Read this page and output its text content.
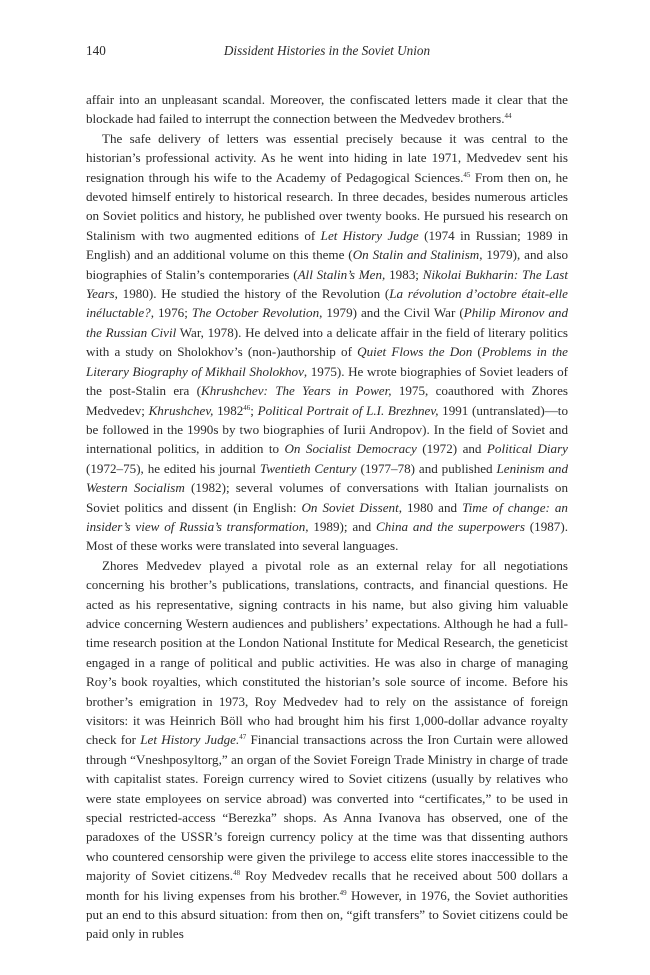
140	Dissident Histories in the Soviet Union

affair into an unpleasant scandal. Moreover, the confiscated letters made it clear that the blockade had failed to interrupt the connection between the Medvedev brothers.$^{44}$

The safe delivery of letters was essential precisely because it was central to the historian’s professional activity. As he went into hiding in late 1971, Medvedev sent his resignation through his wife to the Academy of Pedagogical Sciences.$^{45}$ From then on, he devoted himself entirely to historical research. In three decades, besides numerous articles on Soviet politics and history, he published over twenty books. He pursued his research on Stalinism with two augmented editions of Let History Judge (1974 in Russian; 1989 in English) and an additional volume on this theme (On Stalin and Stalinism, 1979), and also biographies of Stalin’s contemporaries (All Stalin’s Men, 1983; Nikolai Bukharin: The Last Years, 1980). He studied the history of the Revolution (La révolution d’octobre était-elle inéluctable?, 1976; The October Revolution, 1979) and the Civil War (Philip Mironov and the Russian Civil War, 1978). He delved into a delicate affair in the field of literary politics with a study on Sholokhov’s (non-)authorship of Quiet Flows the Don (Problems in the Literary Biography of Mikhail Sholokhov, 1975). He wrote biographies of Soviet leaders of the post-Stalin era (Khrushchev: The Years in Power, 1975, coauthored with Zhores Medvedev; Khrushchev, 1982$^{46}$; Political Portrait of L.I. Brezhnev, 1991 (untranslated)—to be followed in the 1990s by two biographies of Iurii Andropov). In the field of Soviet and international politics, in addition to On Socialist Democracy (1972) and Political Diary (1972–75), he edited his journal Twentieth Century (1977–78) and published Leninism and Western Socialism (1982); several volumes of conversations with Italian journalists on Soviet politics and dissent (in English: On Soviet Dissent, 1980 and Time of change: an insider’s view of Russia’s transformation, 1989); and China and the superpowers (1987). Most of these works were translated into several languages.

Zhores Medvedev played a pivotal role as an external relay for all negotiations concerning his brother’s publications, translations, contracts, and financial questions. He acted as his representative, signing contracts in his name, but also giving him valuable advice concerning Western audiences and publishers’ expectations. Although he had a full-time research position at the London National Institute for Medical Research, the geneticist engaged in a range of political and public activities. He was also in charge of managing Roy’s book royalties, which constituted the historian’s sole source of income. Before his brother’s emigration in 1973, Roy Medvedev had to rely on the assistance of foreign visitors: it was Heinrich Böll who had brought him his first 1,000-dollar advance royalty check for Let History Judge.$^{47}$ Financial transactions across the Iron Curtain were allowed through “Vneshposyltorg,” an organ of the Soviet Foreign Trade Ministry in charge of trade with capitalist states. Foreign currency wired to Soviet citizens (usually by relatives who were state employees on service abroad) was converted into “certificates,” to be used in special restricted-access “Berezka” shops. As Anna Ivanova has observed, one of the paradoxes of the USSR’s foreign currency policy at the time was that dissenting authors who countered censorship were given the privilege to access elite stores inaccessible to the majority of Soviet citizens.$^{48}$ Roy Medvedev recalls that he received about 500 dollars a month for his living expenses from his brother.$^{49}$ However, in 1976, the Soviet authorities put an end to this absurd situation: from then on, “gift transfers” to Soviet citizens could be paid only in rubles
